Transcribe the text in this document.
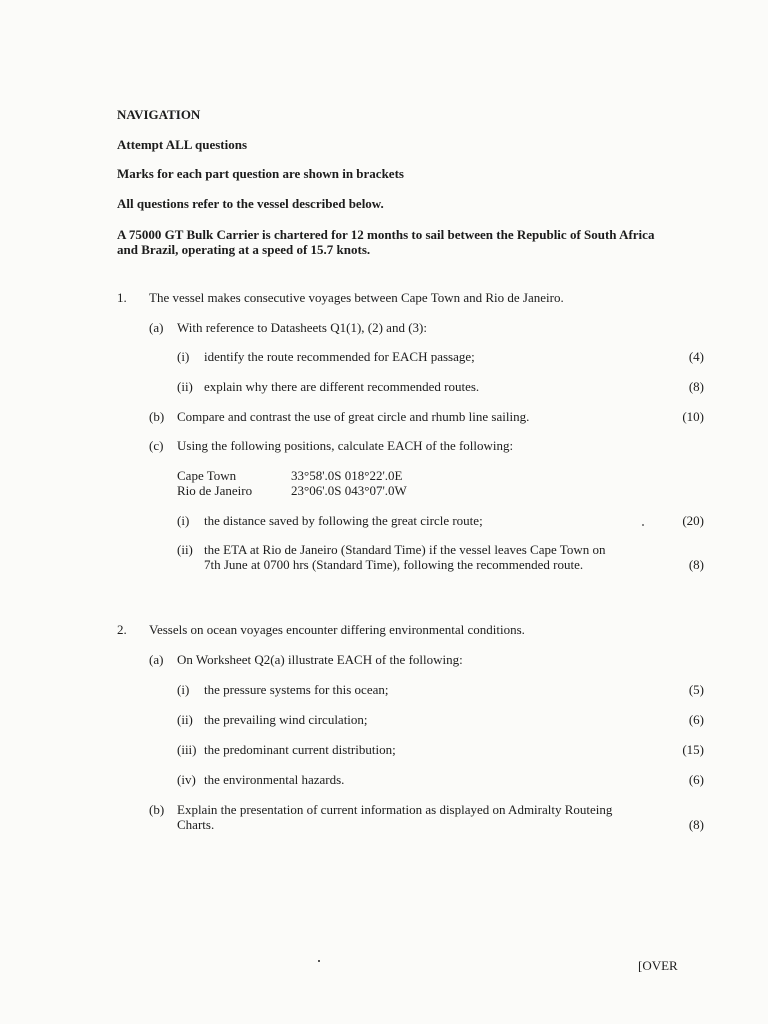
NAVIGATION
Attempt ALL questions
Marks for each part question are shown in brackets
All questions refer to the vessel described below.
A 75000 GT Bulk Carrier is chartered for 12 months to sail between the Republic of South Africa
and Brazil, operating at a speed of 15.7 knots.
1. The vessel makes consecutive voyages between Cape Town and Rio de Janeiro.
(a) With reference to Datasheets Q1(1), (2) and (3):
(i) identify the route recommended for EACH passage;	(4)
(ii) explain why there are different recommended routes.	(8)
(b) Compare and contrast the use of great circle and rhumb line sailing.	(10)
(c) Using the following positions, calculate EACH of the following:
Cape Town	33°58'.0S 018°22'.0E
Rio de Janeiro	23°06'.0S 043°07'.0W
(i) the distance saved by following the great circle route;	(20)
(ii) the ETA at Rio de Janeiro (Standard Time) if the vessel leaves Cape Town on
7th June at 0700 hrs (Standard Time), following the recommended route.	(8)
2. Vessels on ocean voyages encounter differing environmental conditions.
(a) On Worksheet Q2(a) illustrate EACH of the following:
(i) the pressure systems for this ocean;	(5)
(ii) the prevailing wind circulation;	(6)
(iii) the predominant current distribution;	(15)
(iv) the environmental hazards.	(6)
(b) Explain the presentation of current information as displayed on Admiralty Routeing
Charts.	(8)
[OVER
